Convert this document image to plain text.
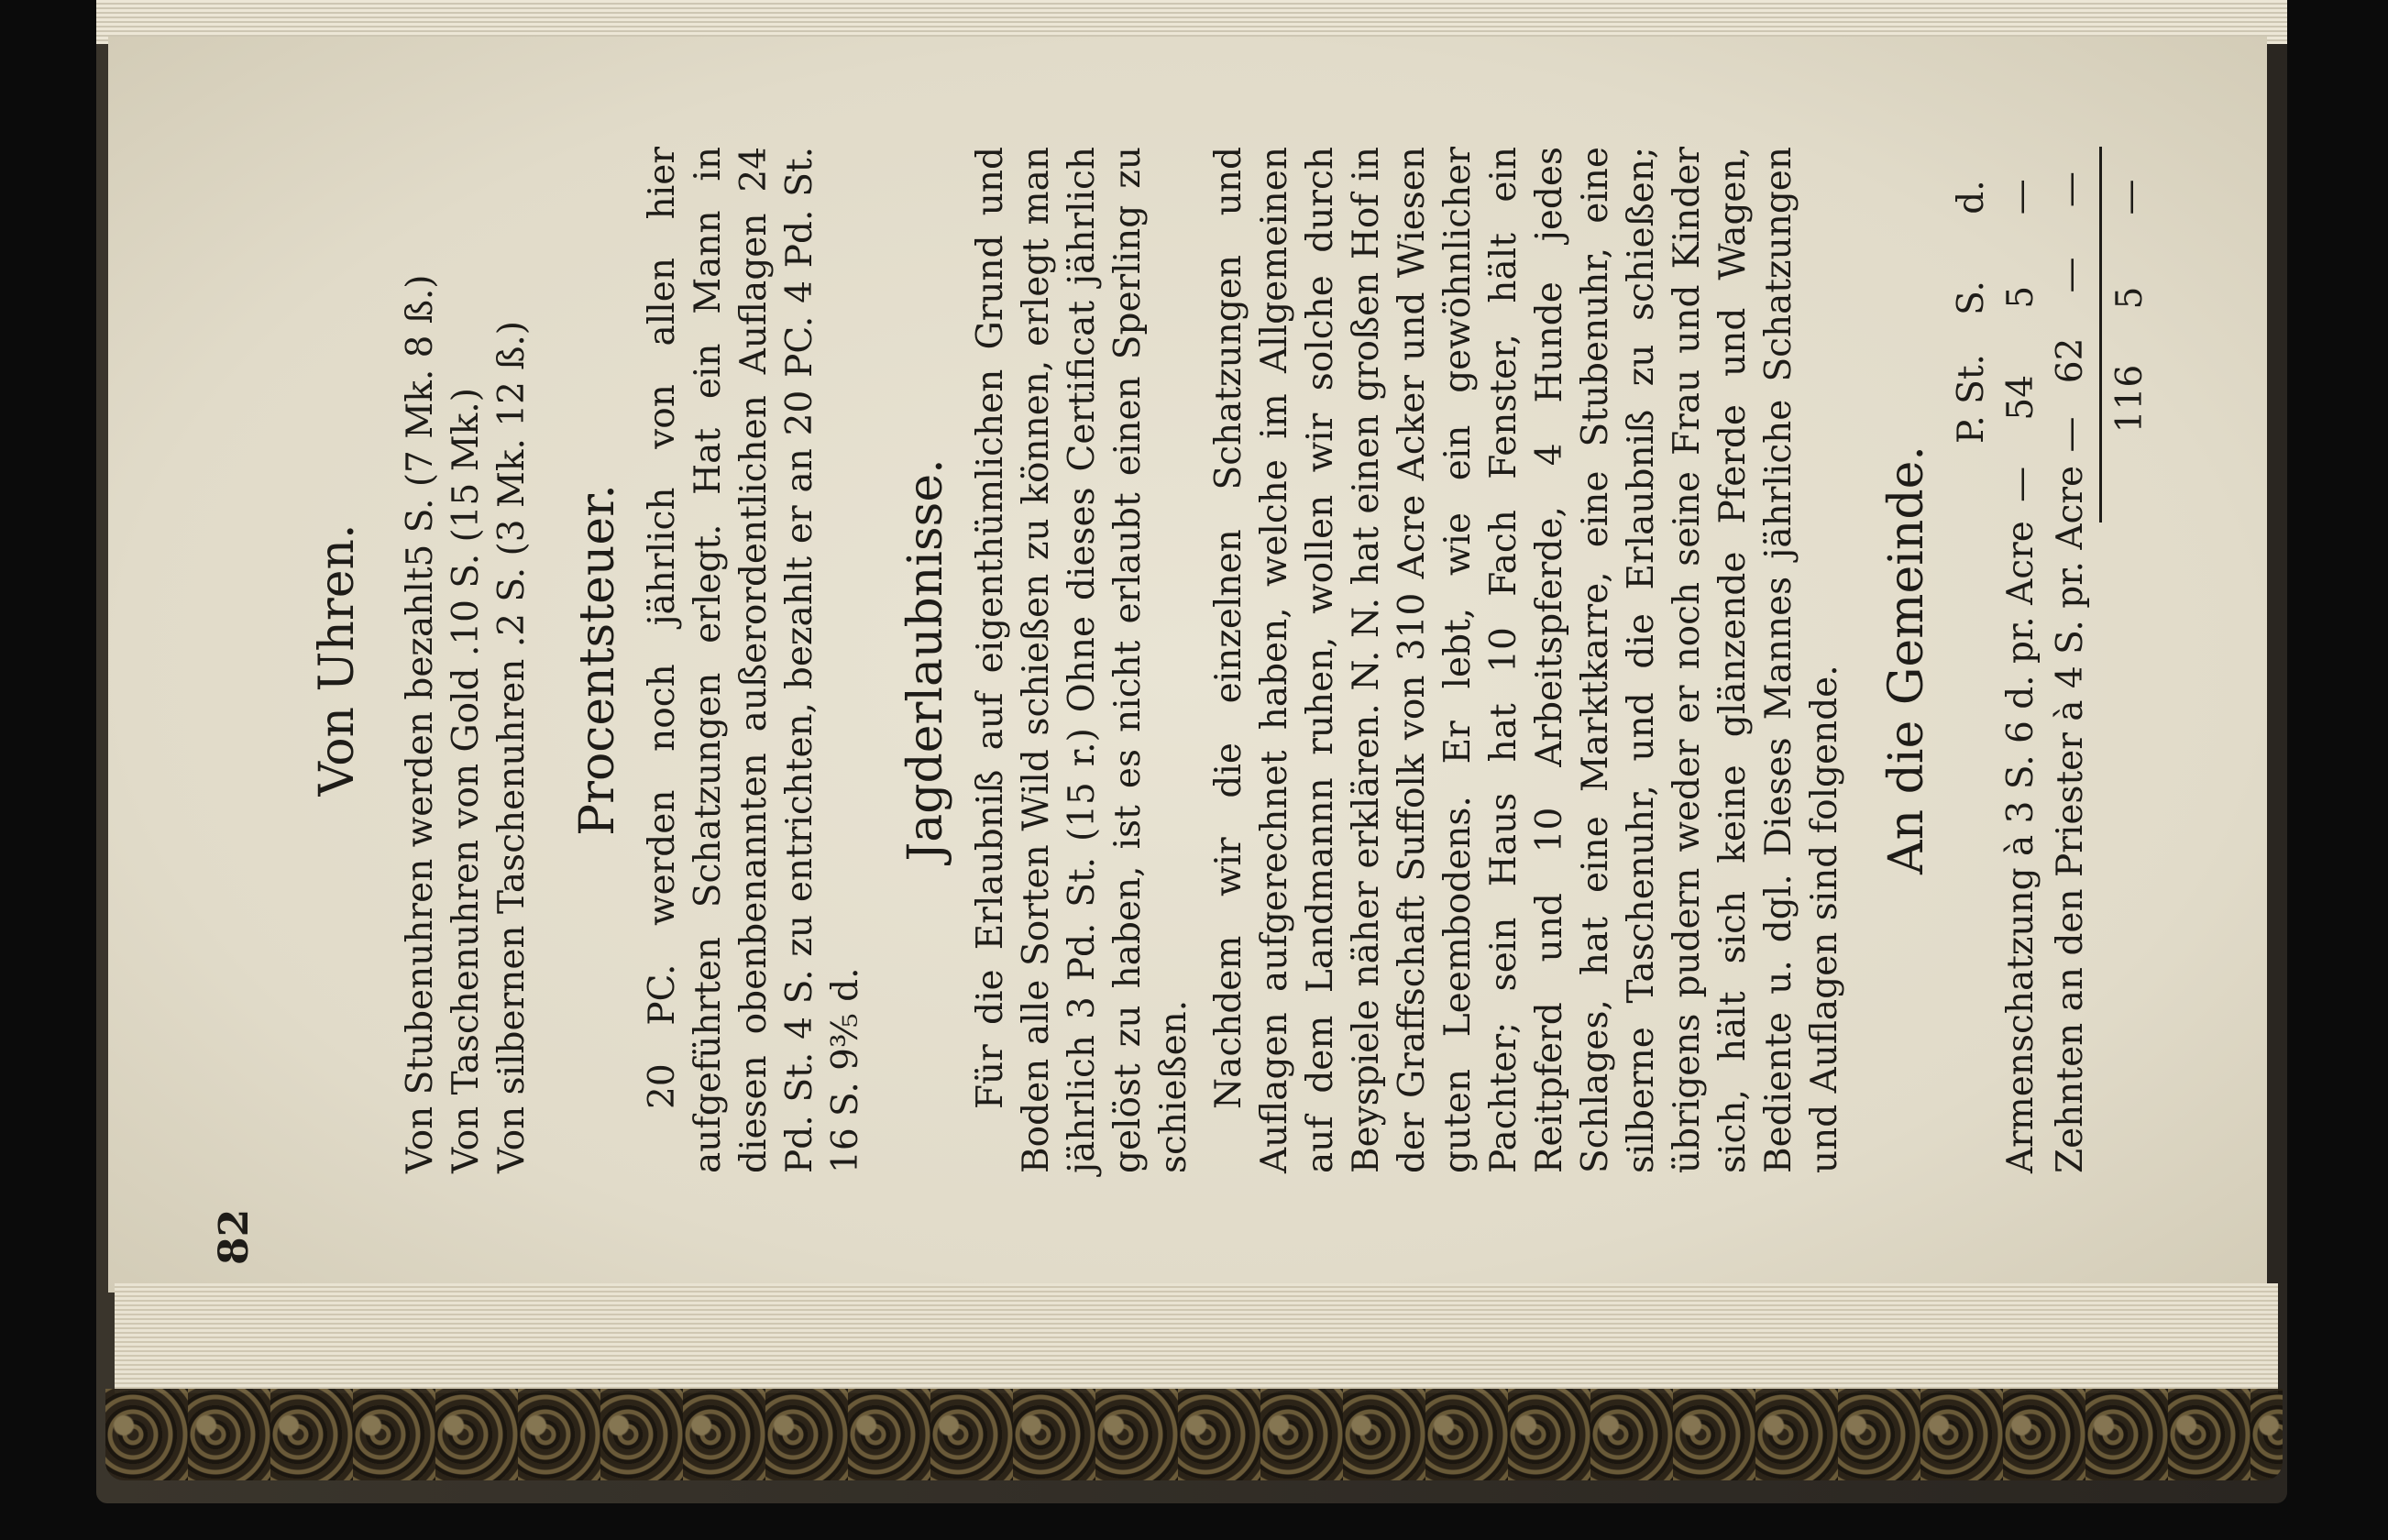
82

Von Uhren. Von Stubenuhren werden bezahlt
5 S. (7 Mk. 8 ß.)
Von Taschenuhren von Gold .
10 S. (15 Mk.)
Von silbernen Taschenuhren .
2 S. (3 Mk. 12 ß.)

Procentsteuer. 20 PC. werden noch jährlich von allen hier aufgeführten Schatzungen erlegt. Hat ein Mann in diesen obenbenannten außerordentlichen Auflagen 24 Pd. St. 4 S. zu entrichten, bezahlt er an 20 PC. 4 Pd. St. 16 S. 9⅗ d.

Jagderlaubnisse. Für die Erlaubniß auf eigenthümlichen Grund und Boden alle Sorten Wild schießen zu können, erlegt man jährlich 3 Pd. St. (15 r.) Ohne dieses Certificat jährlich gelöst zu haben, ist es nicht erlaubt einen Sperling zu schießen. Nachdem wir die einzelnen Schatzungen und Auflagen aufgerechnet haben, welche im Allgemeinen auf dem Landmannn ruhen, wollen wir solche durch Beyspiele näher erklären. N. N. hat einen großen Hof in der Graffschaft Suffolk von 310 Acre Acker und Wiesen guten Leembodens. Er lebt, wie ein gewöhnlicher Pachter; sein Haus hat 10 Fach Fenster, hält ein Reitpferd und 10 Arbeitspferde, 4 Hunde jedes Schlages, hat eine Marktkarre, eine Stubenuhr, eine silberne Taschenuhr, und die Erlaubniß zu schießen; übrigens pudern weder er noch seine Frau und Kinder sich, hält sich keine glänzende Pferde und Wagen, Bediente u. dgl. Dieses Mannes jährliche Schatzungen und Auflagen sind folgende.

An die Gemeinde.

P. St.
S.
d.
Armenschatzung à 3 S. 6 d. pr. Acre
—
54
5
—
Zehnten an den Priester à 4 S. pr. Acre
—
62
—
—
116
5
—
